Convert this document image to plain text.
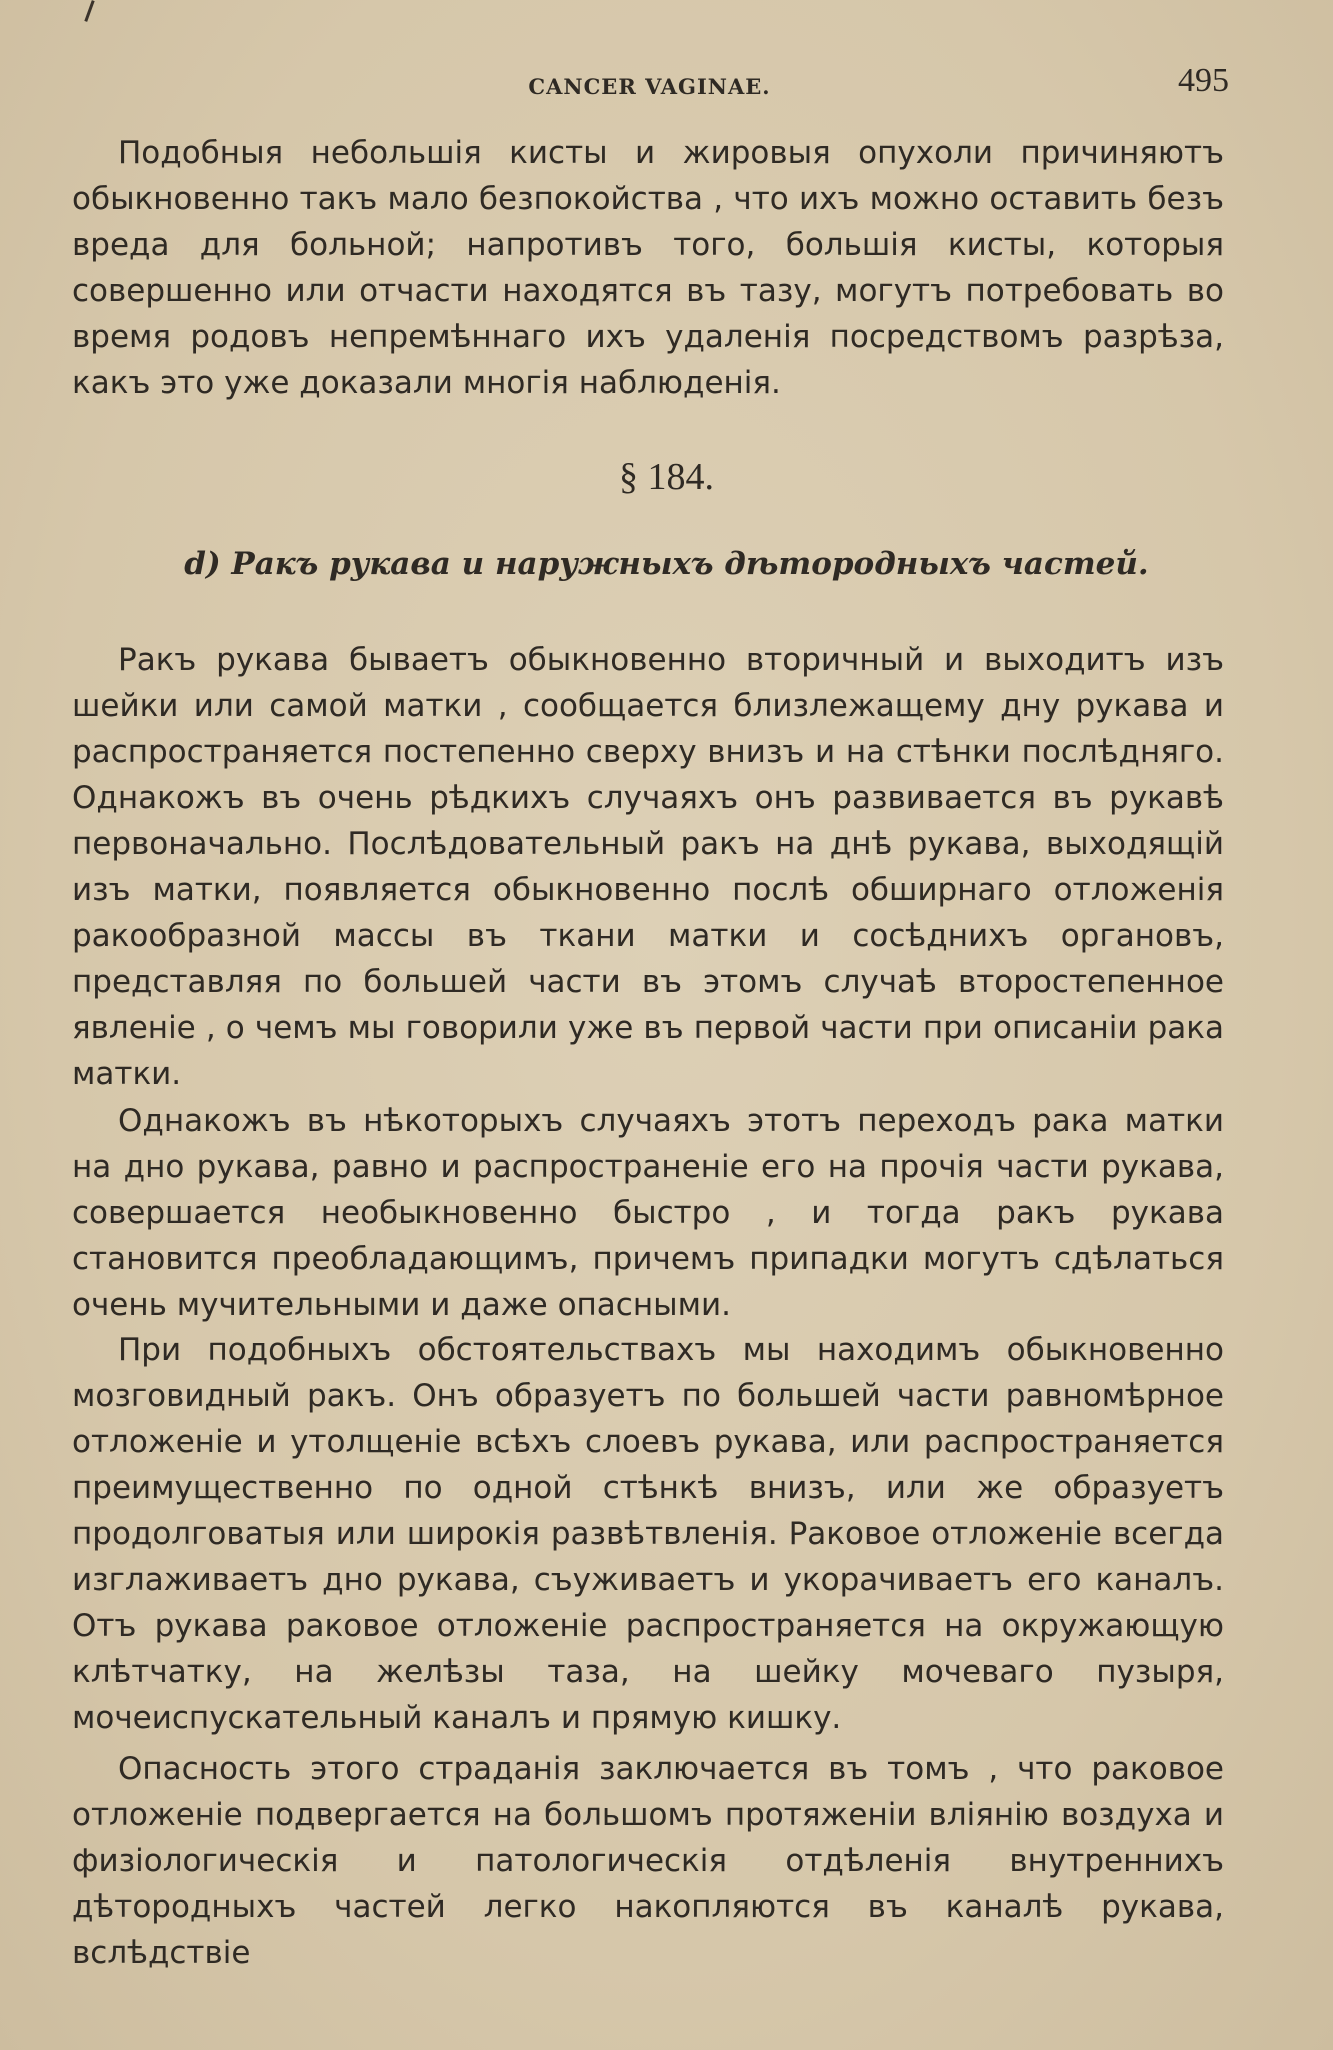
CANCER VAGINAE.	495

Подобныя небольшія кисты и жировыя опухоли причиняютъ обыкновенно такъ мало безпокойства , что ихъ можно оставить безъ вреда для больной; напротивъ того, большія кисты, которыя совершенно или отчасти находятся въ тазу, могутъ потребовать во время родовъ непремѣннаго ихъ удаленія посредствомъ разрѣза, какъ это уже доказали многія наблюденія.

§ 184.
d) Ракъ рукава и наружныхъ дѣтородныхъ частей.

Ракъ рукава бываетъ обыкновенно вторичный и выходитъ изъ шейки или самой матки , сообщается близлежащему дну рукава и распространяется постепенно сверху внизъ и на стѣнки послѣдняго. Однакожъ въ очень рѣдкихъ случаяхъ онъ развивается въ рукавѣ первоначально. Послѣдовательный ракъ на днѣ рукава, выходящій изъ матки, появляется обыкновенно послѣ обширнаго отложенія ракообразной массы въ ткани матки и сосѣднихъ органовъ, представляя по большей части въ этомъ случаѣ второстепенное явленіе , о чемъ мы говорили уже въ первой части при описаніи рака матки.

Однакожъ въ нѣкоторыхъ случаяхъ этотъ переходъ рака матки на дно рукава, равно и распространеніе его на прочія части рукава, совершается необыкновенно быстро , и тогда ракъ рукава становится преобладающимъ, причемъ припадки могутъ сдѣлаться очень мучительными и даже опасными.

При подобныхъ обстоятельствахъ мы находимъ обыкновенно мозговидный ракъ. Онъ образуетъ по большей части равномѣрное отложеніе и утолщеніе всѣхъ слоевъ рукава, или распространяется преимущественно по одной стѣнкѣ внизъ, или же образуетъ продолговатыя или широкія развѣтвленія. Раковое отложеніе всегда изглаживаетъ дно рукава, съуживаетъ и укорачиваетъ его каналъ. Отъ рукава раковое отложеніе распространяется на окружающую клѣтчатку, на желѣзы таза, на шейку мочеваго пузыря, мочеиспускательный каналъ и прямую кишку.

Опасность этого страданія заключается въ томъ , что раковое отложеніе подвергается на большомъ протяженіи вліянію воздуха и физіологическія и патологическія отдѣленія внутреннихъ дѣтородныхъ частей легко накопляются въ каналѣ рукава, вслѣдствіе
